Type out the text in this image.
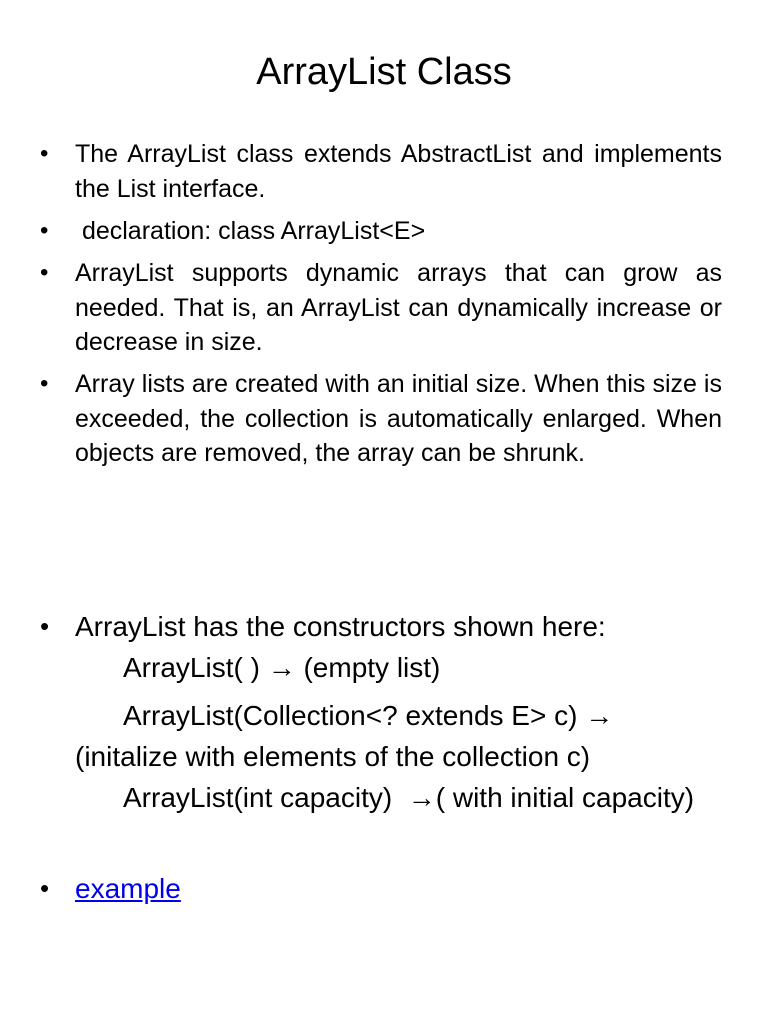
ArrayList Class
•	The ArrayList class extends AbstractList and implements the List interface.
•	declaration: class ArrayList<E>
•	ArrayList supports dynamic arrays that can grow as needed. That is, an ArrayList can dynamically increase or decrease in size.
•	Array lists are created with an initial size. When this size is exceeded, the collection is automatically enlarged. When objects are removed, the array can be shrunk.
• ArrayList has the constructors shown here:
ArrayList( ) → (empty list)
ArrayList(Collection<? extends E> c) →
(initalize with elements of the collection c)
ArrayList(int capacity)  →( with initial capacity)
• example
